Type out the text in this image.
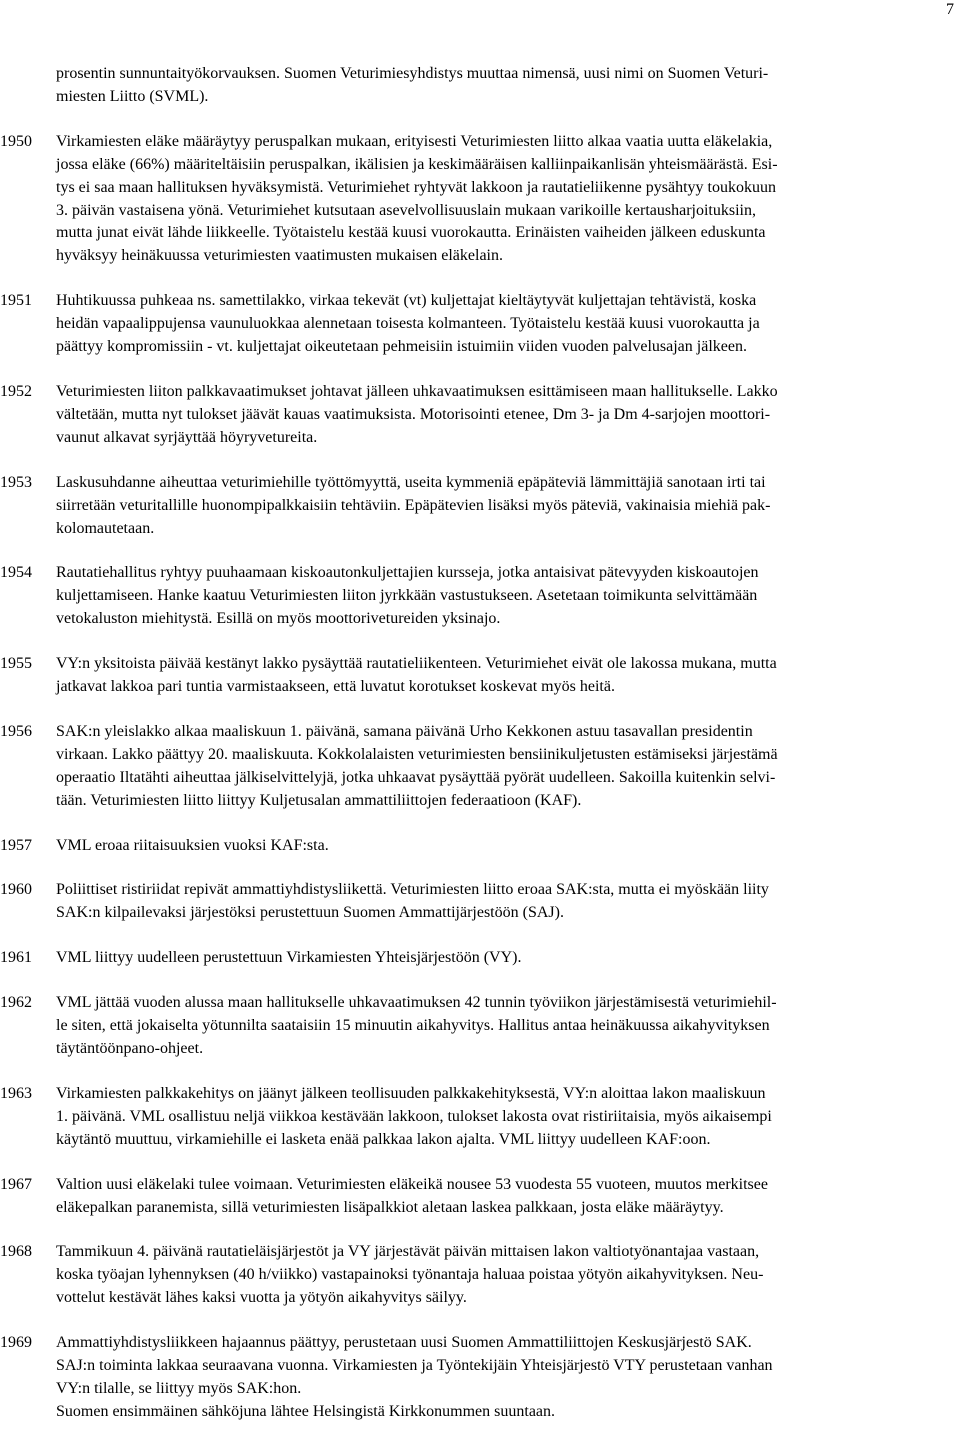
7

prosentin sunnuntaityökorvauksen. Suomen Veturimiesyhdistys muuttaa nimensä, uusi nimi on Suomen Veturi-
miesten Liitto (SVML).

1950	Virkamiesten eläke määräytyy peruspalkan mukaan, erityisesti Veturimiesten liitto alkaa vaatia uutta eläkelakia,
jossa eläke (66%) määriteltäisiin peruspalkan, ikälisien ja keskimääräisen kalliinpaikanlisän yhteismäärästä. Esi-
tys ei saa maan hallituksen hyväksymistä. Veturimiehet ryhtyvät lakkoon ja rautatieliikenne pysähtyy toukokuun
3. päivän vastaisena yönä. Veturimiehet kutsutaan asevelvollisuuslain mukaan varikoille kertausharjoituksiin,
mutta junat eivät lähde liikkeelle. Työtaistelu kestää kuusi vuorokautta. Erinäisten vaiheiden jälkeen eduskunta
hyväksyy heinäkuussa veturimiesten vaatimusten mukaisen eläkelain.

1951	Huhtikuussa puhkeaa ns. samettilakko, virkaa tekevät (vt) kuljettajat kieltäytyvät kuljettajan tehtävistä, koska
heidän vapaalippujensa vaunuluokkaa alennetaan toisesta kolmanteen. Työtaistelu kestää kuusi vuorokautta ja
päättyy kompromissiin - vt. kuljettajat oikeutetaan pehmeisiin istuimiin viiden vuoden palvelusajan jälkeen.

1952	Veturimiesten liiton palkkavaatimukset johtavat jälleen uhkavaatimuksen esittämiseen maan hallitukselle. Lakko
vältetään, mutta nyt tulokset jäävät kauas vaatimuksista. Motorisointi etenee, Dm 3- ja Dm 4-sarjojen moottori-
vaunut alkavat syrjäyttää höyryvetureita.

1953	Laskusuhdanne aiheuttaa veturimiehille työttömyyttä, useita kymmeniä epäpäteviä lämmittäjiä sanotaan irti tai
siirretään veturitallille huonompipalkkaisiin tehtäviin. Epäpätevien lisäksi myös päteviä, vakinaisia miehiä pak-
kolomautetaan.

1954	Rautatiehallitus ryhtyy puuhaamaan kiskoautonkuljettajien kursseja, jotka antaisivat pätevyyden kiskoautojen
kuljettamiseen. Hanke kaatuu Veturimiesten liiton jyrkkään vastustukseen. Asetetaan toimikunta selvittämään
vetokaluston miehitystä. Esillä on myös moottorivetureiden yksinajo.

1955	VY:n yksitoista päivää kestänyt lakko pysäyttää rautatieliikenteen. Veturimiehet eivät ole lakossa mukana, mutta
jatkavat lakkoa pari tuntia varmistaakseen, että luvatut korotukset koskevat myös heitä.

1956	SAK:n yleislakko alkaa maaliskuun 1. päivänä, samana päivänä Urho Kekkonen astuu tasavallan presidentin
virkaan. Lakko päättyy 20. maaliskuuta. Kokkolalaisten veturimiesten bensiinikuljetusten estämiseksi järjestämä
operaatio Iltatähti aiheuttaa jälkiselvittelyjä, jotka uhkaavat pysäyttää pyörät uudelleen. Sakoilla kuitenkin selvi-
tään. Veturimiesten liitto liittyy Kuljetusalan ammattiliittojen federaatioon (KAF).

1957	VML eroaa riitaisuuksien vuoksi KAF:sta.

1960	Poliittiset ristiriidat repivät ammattiyhdistysliikettä. Veturimiesten liitto eroaa SAK:sta, mutta ei myöskään liity
SAK:n kilpailevaksi järjestöksi perustettuun Suomen Ammattijärjestöön (SAJ).

1961	VML liittyy uudelleen perustettuun Virkamiesten Yhteisjärjestöön (VY).

1962	VML jättää vuoden alussa maan hallitukselle uhkavaatimuksen 42 tunnin työviikon järjestämisestä veturimiehil-
le siten, että jokaiselta yötunnilta saataisiin 15 minuutin aikahyvitys. Hallitus antaa heinäkuussa aikahyvityksen
täytäntöönpano-ohjeet.

1963	Virkamiesten palkkakehitys on jäänyt jälkeen teollisuuden palkkakehityksestä, VY:n aloittaa lakon maaliskuun
1. päivänä. VML osallistuu neljä viikkoa kestävään lakkoon, tulokset lakosta ovat ristiriitaisia, myös aikaisempi
käytäntö muuttuu, virkamiehille ei lasketa enää palkkaa lakon ajalta. VML liittyy uudelleen KAF:oon.

1967	Valtion uusi eläkelaki tulee voimaan. Veturimiesten eläkeikä nousee 53 vuodesta 55 vuoteen, muutos merkitsee
eläkepalkan paranemista, sillä veturimiesten lisäpalkkiot aletaan laskea palkkaan, josta eläke määräytyy.

1968	Tammikuun 4. päivänä rautatieläisjärjestöt ja VY järjestävät päivän mittaisen lakon valtiotyönantajaa vastaan,
koska työajan lyhennyksen (40 h/viikko) vastapainoksi työnantaja haluaa poistaa yötyön aikahyvityksen. Neu-
vottelut kestävät lähes kaksi vuotta ja yötyön aikahyvitys säilyy.

1969	Ammattiyhdistysliikkeen hajaannus päättyy, perustetaan uusi Suomen Ammattiliittojen Keskusjärjestö SAK.
SAJ:n toiminta lakkaa seuraavana vuonna. Virkamiesten ja Työntekijäin Yhteisjärjestö VTY perustetaan vanhan
VY:n tilalle, se liittyy myös SAK:hon.
Suomen ensimmäinen sähköjuna lähtee Helsingistä Kirkkonummen suuntaan.
